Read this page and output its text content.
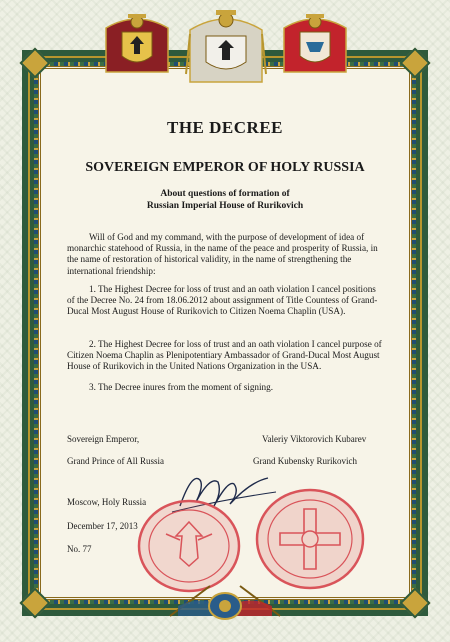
THE DECREE

SOVEREIGN EMPEROR OF HOLY RUSSIA

About questions of formation of
Russian Imperial House of Rurikovich
Will of God and my command, with the purpose of development of idea of monarchic statehood of Russia, in the name of the peace and prosperity of Russia, in the name of restoration of historical validity, in the name of strengthening the international friendship:
1. The Highest Decree for loss of trust and an oath violation I cancel positions of the Decree No. 24 from 18.06.2012 about assignment of Title Countess of Grand-Ducal Most August House of Rurikovich to Citizen Noema Chaplin (USA).
2. The Highest Decree for loss of trust and an oath violation I cancel purpose of Citizen Noema Chaplin as Plenipotentiary Ambassador of Grand-Ducal Most August House of Rurikovich in the United Nations Organization in the USA.
3. The Decree inures from the moment of signing.
Sovereign Emperor,
Grand Prince of All Russia
Valeriy Viktorovich Kubarev
Grand Kubensky Rurikovich
Moscow, Holy Russia
December 17, 2013
No. 77
